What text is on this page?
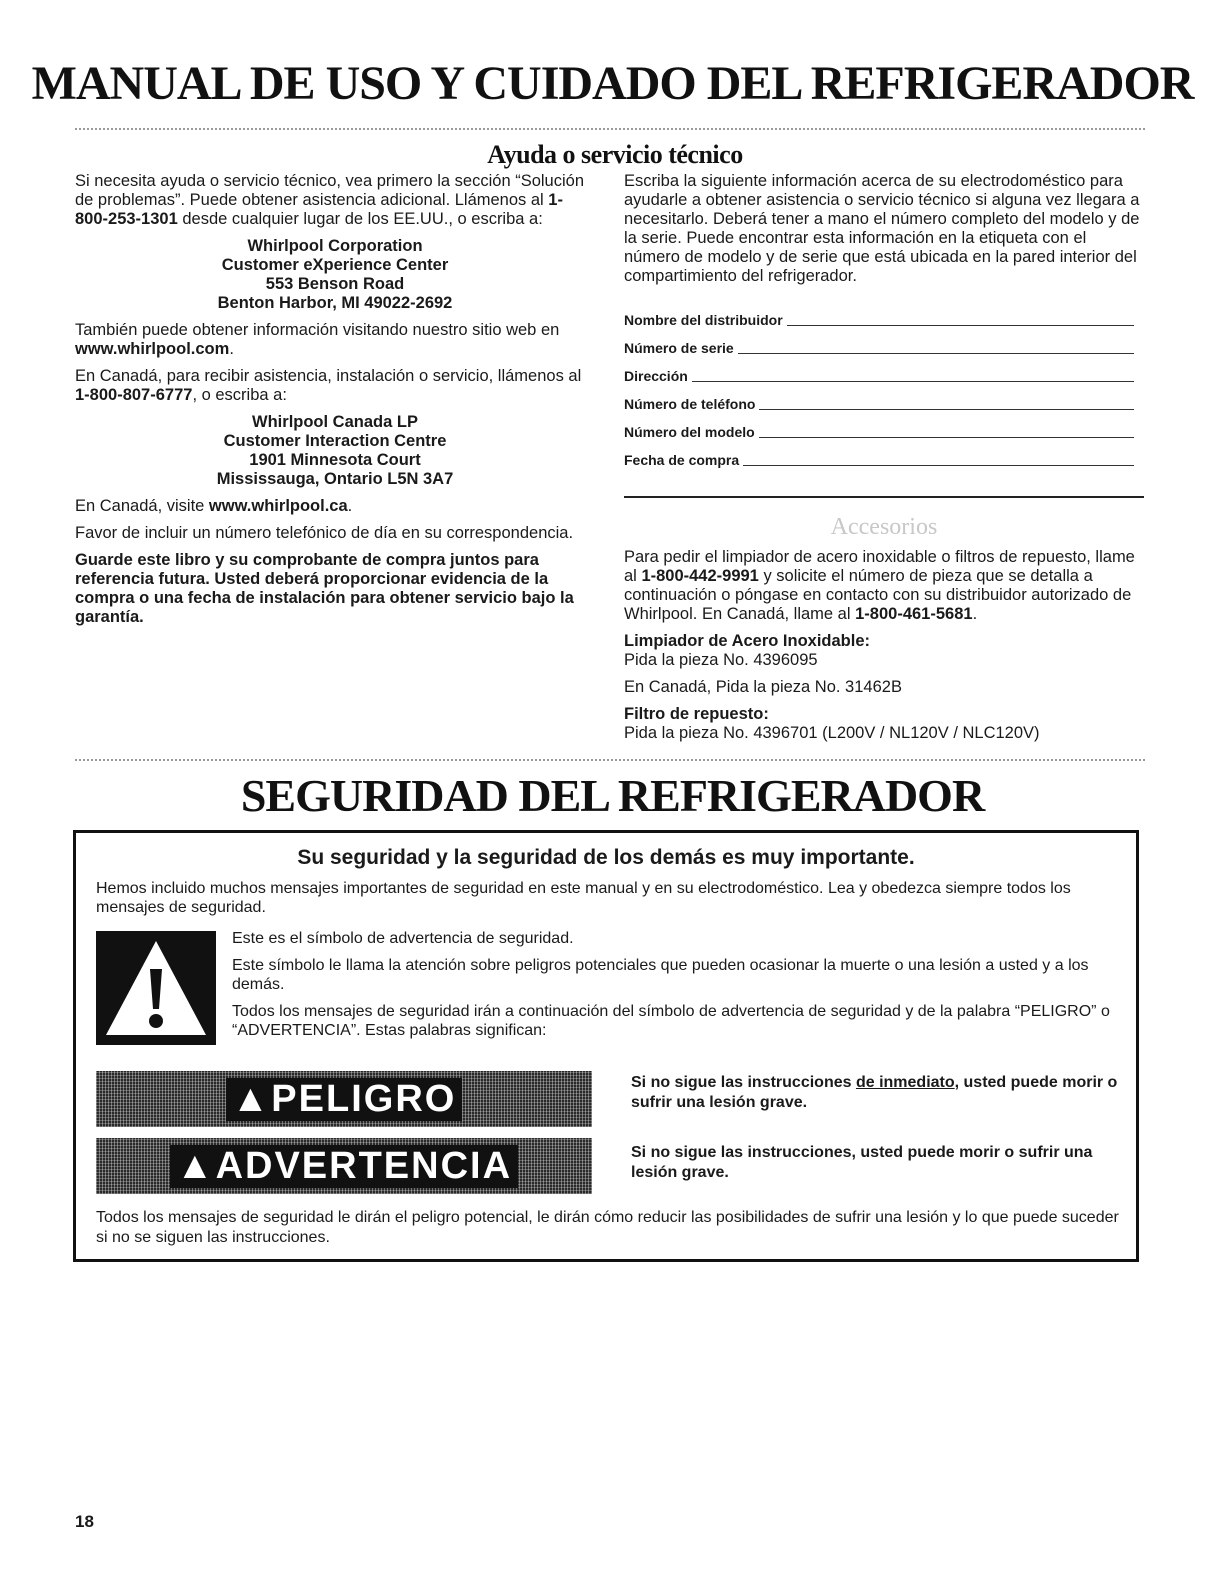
MANUAL DE USO Y CUIDADO DEL REFRIGERADOR
Ayuda o servicio técnico

Si necesita ayuda o servicio técnico, vea primero la sección “Solución de problemas”. Puede obtener asistencia adicional. Llámenos al 1-800-253-1301 desde cualquier lugar de los EE.UU., o escriba a:

Whirlpool Corporation
Customer eXperience Center
553 Benson Road
Benton Harbor, MI 49022-2692

También puede obtener información visitando nuestro sitio web en www.whirlpool.com.

En Canadá, para recibir asistencia, instalación o servicio, llámenos al 1-800-807-6777, o escriba a:

Whirlpool Canada LP
Customer Interaction Centre
1901 Minnesota Court
Mississauga, Ontario L5N 3A7

En Canadá, visite www.whirlpool.ca.

Favor de incluir un número telefónico de día en su correspondencia.

Guarde este libro y su comprobante de compra juntos para referencia futura. Usted deberá proporcionar evidencia de la compra o una fecha de instalación para obtener servicio bajo la garantía.

Escriba la siguiente información acerca de su electrodoméstico para ayudarle a obtener asistencia o servicio técnico si alguna vez llegara a necesitarlo. Deberá tener a mano el número completo del modelo y de la serie. Puede encontrar esta información en la etiqueta con el número de modelo y de serie que está ubicada en la pared interior del compartimiento del refrigerador.

Nombre del distribuidor
Número de serie
Dirección
Número de teléfono
Número del modelo
Fecha de compra
Accesorios

Para pedir el limpiador de acero inoxidable o filtros de repuesto, llame al 1-800-442-9991 y solicite el número de pieza que se detalla a continuación o póngase en contacto con su distribuidor autorizado de Whirlpool. En Canadá, llame al 1-800-461-5681.

Limpiador de Acero Inoxidable:

Pida la pieza No. 4396095

En Canadá, Pida la pieza No. 31462B

Filtro de repuesto:

Pida la pieza No. 4396701 (L200V / NL120V / NLC120V)

SEGURIDAD DEL REFRIGERADOR
Su seguridad y la seguridad de los demás es muy importante.
Hemos incluido muchos mensajes importantes de seguridad en este manual y en su electrodoméstico. Lea y obedezca siempre todos los mensajes de seguridad.
Este es el símbolo de advertencia de seguridad.
Este símbolo le llama la atención sobre peligros potenciales que pueden ocasionar la muerte o una lesión a usted y a los demás.
Todos los mensajes de seguridad irán a continuación del símbolo de advertencia de seguridad y de la palabra “PELIGRO” o “ADVERTENCIA”. Estas palabras significan:
▲PELIGRO	Si no sigue las instrucciones de inmediato, usted puede morir o sufrir una lesión grave.
▲ADVERTENCIA	Si no sigue las instrucciones, usted puede morir o sufrir una lesión grave.
Todos los mensajes de seguridad le dirán el peligro potencial, le dirán cómo reducir las posibilidades de sufrir una lesión y lo que puede suceder si no se siguen las instrucciones.
18
